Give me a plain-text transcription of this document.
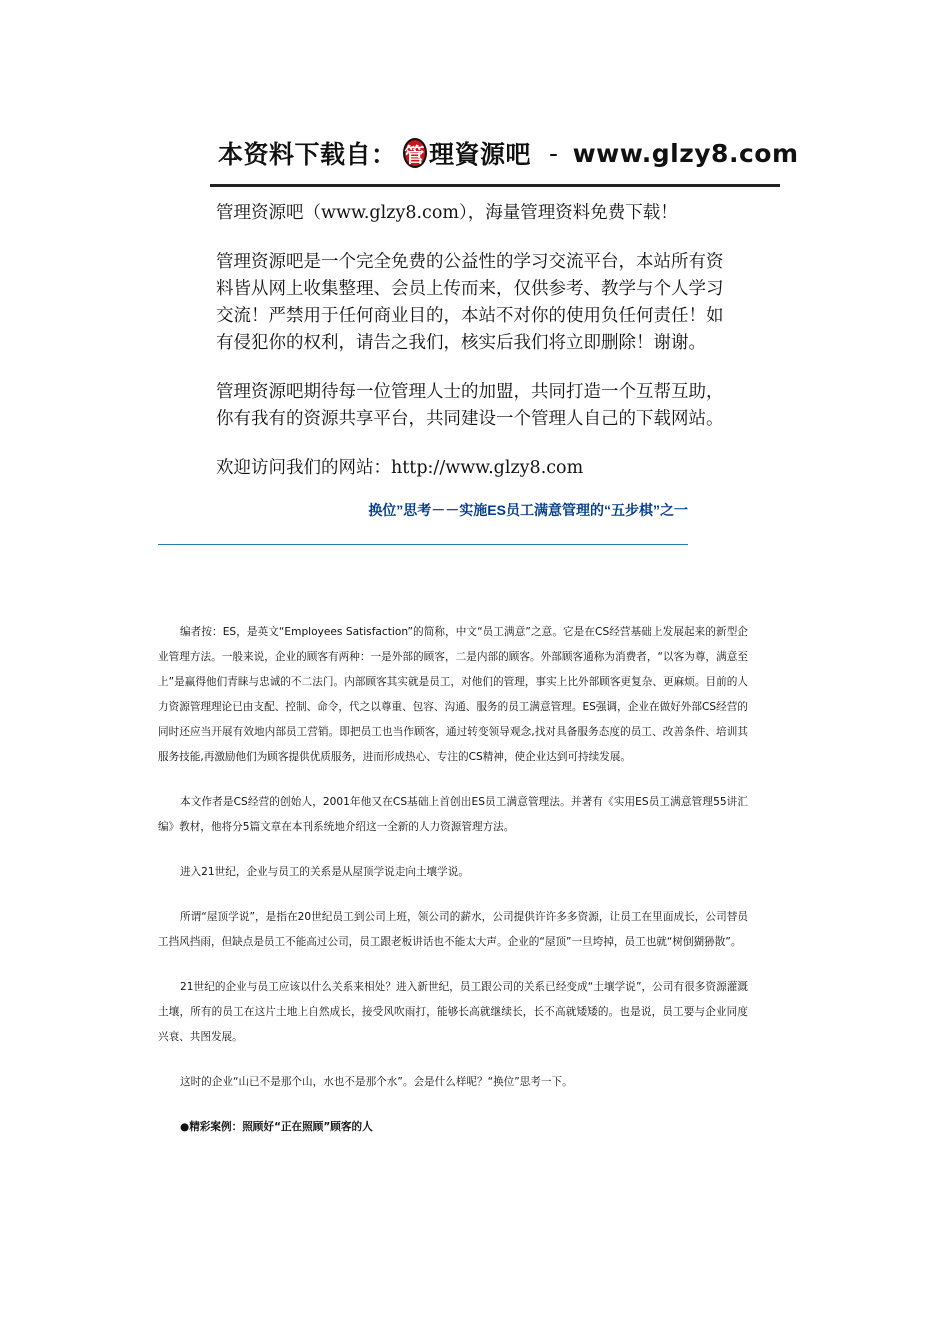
本资料下载自： 管 理資源吧 - www.glzy8.com

管理资源吧（www.glzy8.com），海量管理资料免费下载！

管理资源吧是一个完全免费的公益性的学习交流平台，本站所有资

料皆从网上收集整理、会员上传而来，仅供参考、教学与个人学习

交流！严禁用于任何商业目的，本站不对你的使用负任何责任！如

有侵犯你的权利，请告之我们，核实后我们将立即删除！谢谢。

管理资源吧期待每一位管理人士的加盟，共同打造一个互帮互助，

你有我有的资源共享平台，共同建设一个管理人自己的下载网站。

欢迎访问我们的网站：http://www.glzy8.com

换位”思考－－实施ES员工满意管理的“五步棋”之一

编者按：ES，是英文“Employees Satisfaction”的简称，中文“员工满意”之意。它是在CS经营基础上发展起来的新型企业管理方法。一般来说，企业的顾客有两种：一是外部的顾客，二是内部的顾客。外部顾客通称为消费者，“以客为尊，满意至上”是赢得他们青睐与忠诚的不二法门。内部顾客其实就是员工，对他们的管理，事实上比外部顾客更复杂、更麻烦。目前的人力资源管理理论已由支配、控制、命令，代之以尊重、包容、沟通、服务的员工满意管理。ES强调，企业在做好外部CS经营的同时还应当开展有效地内部员工营销。即把员工也当作顾客，通过转变领导观念,找对具备服务态度的员工、改善条件、培训其服务技能,再激励他们为顾客提供优质服务，进而形成热心、专注的CS精神，使企业达到可持续发展。

本文作者是CS经营的创始人，2001年他又在CS基础上首创出ES员工满意管理法。并著有《实用ES员工满意管理55讲汇编》教材，他将分5篇文章在本刊系统地介绍这一全新的人力资源管理方法。

进入21世纪，企业与员工的关系是从屋顶学说走向土壤学说。

所谓“屋顶学说”，是指在20世纪员工到公司上班，领公司的薪水，公司提供许许多多资源，让员工在里面成长，公司替员工挡风挡雨，但缺点是员工不能高过公司，员工跟老板讲话也不能太大声。企业的“屋顶”一旦垮掉，员工也就“树倒猢狲散”。

21世纪的企业与员工应该以什么关系来相处？进入新世纪，员工跟公司的关系已经变成“土壤学说”，公司有很多资源灌溉土壤，所有的员工在这片土地上自然成长，接受风吹雨打，能够长高就继续长，长不高就矮矮的。也是说，员工要与企业同度兴衰、共图发展。

这时的企业“山已不是那个山，水也不是那个水”。会是什么样呢？“换位”思考一下。

●精彩案例：照顾好“正在照顾”顾客的人
